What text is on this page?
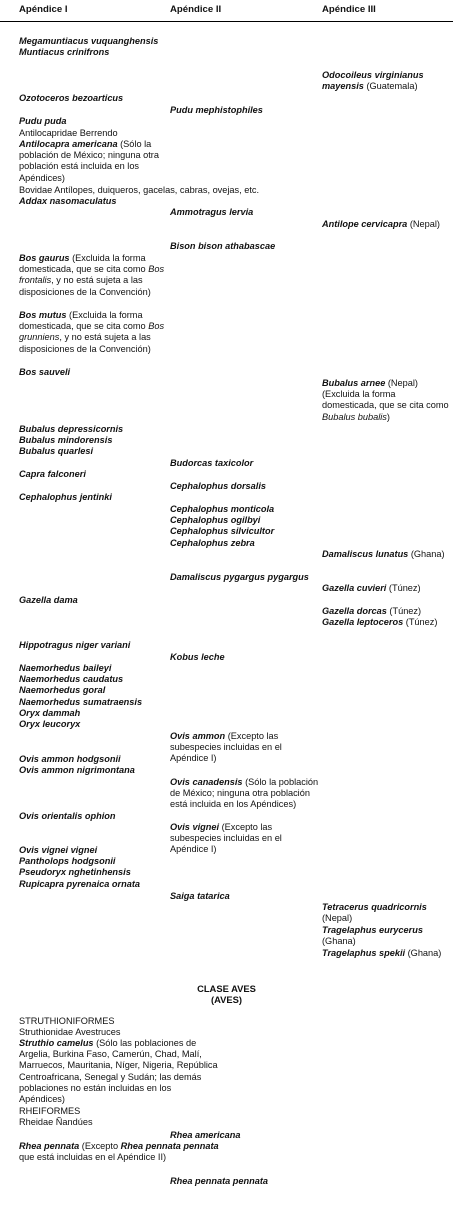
Apéndice I	Apéndice II	Apéndice III
Megamuntiacus vuquanghensis
Muntiacus crinifrons
Odocoileus virginianus mayensis (Guatemala)
Ozotoceros bezoarticus
Pudu mephistophiles
Pudu puda
Antilocapridae Berrendo
Antilocapra americana (Sólo la población de México; ninguna otra población está incluida en los Apéndices)
Bovidae Antílopes, duiqueros, gacelas, cabras, ovejas, etc.
Addax nasomaculatus
Ammotragus lervia
Antilope cervicapra (Nepal)
Bison bison athabascae
Bos gaurus (Excluida la forma domesticada, que se cita como Bos frontalis, y no está sujeta a las disposiciones de la Convención)
Bos mutus (Excluida la forma domesticada, que se cita como Bos grunniens, y no está sujeta a las disposiciones de la Convención)
Bos sauveli
Bubalus arnee (Nepal) (Excluida la forma domesticada, que se cita como Bubalus bubalis)
Bubalus depressicornis
Bubalus mindorensis
Bubalus quarlesi
Budorcas taxicolor
Capra falconeri
Cephalophus dorsalis
Cephalophus jentinki
Cephalophus monticola
Cephalophus ogilbyi
Cephalophus silvicultor
Cephalophus zebra
Damaliscus lunatus (Ghana)
Damaliscus pygargus pygargus
Gazella cuvieri (Túnez)
Gazella dama
Gazella dorcas (Túnez)
Gazella leptoceros (Túnez)
Hippotragus niger variani
Kobus leche
Naemorhedus baileyi
Naemorhedus caudatus
Naemorhedus goral
Naemorhedus sumatraensis
Oryx dammah
Oryx leucoryx
Ovis ammon (Excepto las subespecies incluidas en el Apéndice I)
Ovis ammon hodgsonii
Ovis ammon nigrimontana
Ovis canadensis (Sólo la población de México; ninguna otra población está incluida en los Apéndices)
Ovis orientalis ophion
Ovis vignei (Excepto las subespecies incluidas en el Apéndice I)
Ovis vignei vignei
Pantholops hodgsonii
Pseudoryx nghetinhensis
Rupicapra pyrenaica ornata
Saiga tatarica
Tetracerus quadricornis (Nepal)
Tragelaphus eurycerus (Ghana)
Tragelaphus spekii (Ghana)
CLASE AVES
(AVES)
STRUTHIONIFORMES
Struthionidae Avestruces
Struthio camelus (Sólo las poblaciones de Argelia, Burkina Faso, Camerún, Chad, Malí, Marruecos, Mauritania, Níger, Nigeria, República Centroafricana, Senegal y Sudán; las demás poblaciones no están incluidas en los Apéndices)
RHEIFORMES
Rheidae Ñandúes
Rhea americana
Rhea pennata (Excepto Rhea pennata pennata que está incluidas en el Apéndice II)
Rhea pennata pennata
